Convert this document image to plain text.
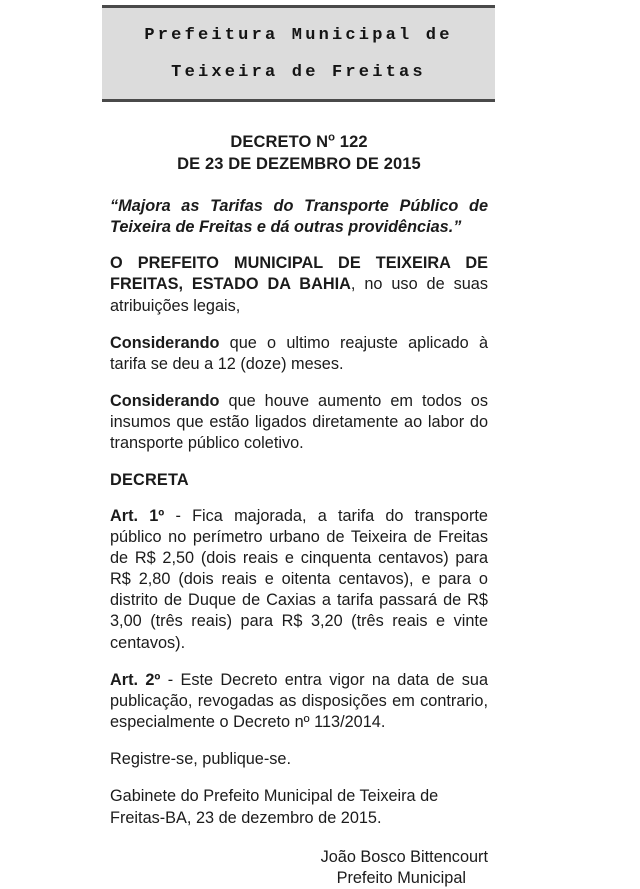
Prefeitura Municipal de
Teixeira de Freitas
DECRETO $N^o$ 122
DE 23 DE DEZEMBRO DE 2015

“Majora as Tarifas do Transporte Público de Teixeira de Freitas e dá outras providências.”

O PREFEITO MUNICIPAL DE TEIXEIRA DE FREITAS, ESTADO DA BAHIA, no uso de suas atribuições legais,

Considerando que o ultimo reajuste aplicado à tarifa se deu a 12 (doze) meses.

Considerando que houve aumento em todos os insumos que estão ligados diretamente ao labor do transporte público coletivo.

DECRETA

Art. 1º - Fica majorada, a tarifa do transporte público no perímetro urbano de Teixeira de Freitas de R$ 2,50 (dois reais e cinquenta centavos) para R$ 2,80 (dois reais e oitenta centavos), e para o distrito de Duque de Caxias a tarifa passará de R$ 3,00 (três reais) para R$ 3,20 (três reais e vinte centavos).

Art. 2º - Este Decreto entra vigor na data de sua publicação, revogadas as disposições em contrario, especialmente o Decreto nº 113/2014.

Registre-se, publique-se.

Gabinete do Prefeito Municipal de Teixeira de Freitas-BA, 23 de dezembro de 2015.

João Bosco Bittencourt
Prefeito Municipal
